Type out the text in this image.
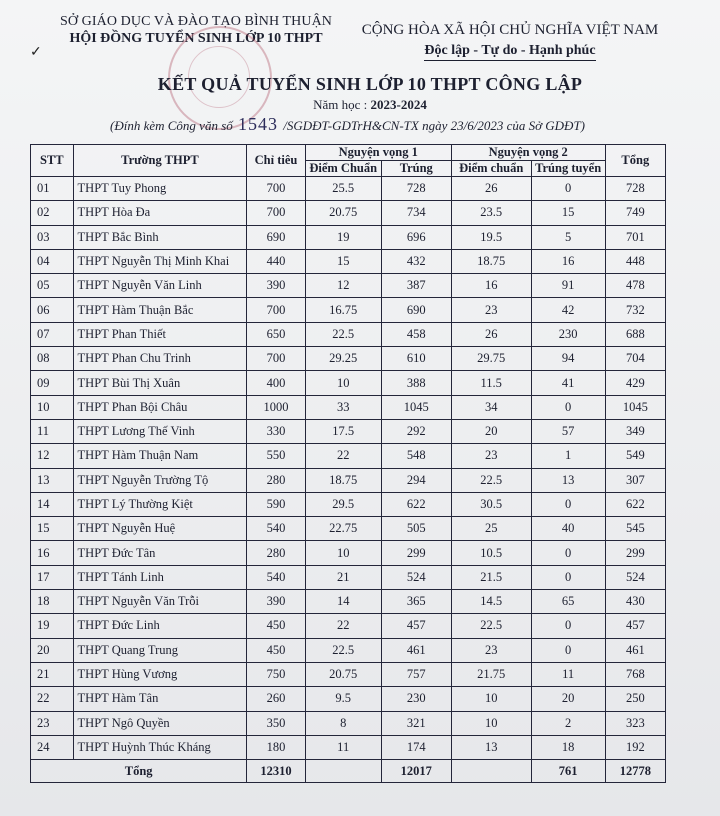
SỞ GIÁO DỤC VÀ ĐÀO TẠO BÌNH THUẬN
HỘI ĐỒNG TUYỂN SINH LỚP 10 THPT
✓
CỘNG HÒA XÃ HỘI CHỦ NGHĨA VIỆT NAM
Độc lập - Tự do - Hạnh phúc
KẾT QUẢ TUYỂN SINH LỚP 10 THPT CÔNG LẬP
Năm học : 2023-2024
(Đính kèm Công văn số 1543 /SGDĐT-GDTrH&CN-TX ngày 23/6/2023 của Sở GDĐT)
STT	Trường THPT	Chỉ tiêu	Nguyện vọng 1		Nguyện vọng 2		Tổng
			Điểm Chuẩn	Trúng	Điểm chuẩn	Trúng tuyển	
01	THPT Tuy Phong	700	25.5	728	26	0	728
02	THPT Hòa Đa	700	20.75	734	23.5	15	749
03	THPT Bắc Bình	690	19	696	19.5	5	701
04	THPT Nguyễn Thị Minh Khai	440	15	432	18.75	16	448
05	THPT Nguyễn Văn Linh	390	12	387	16	91	478
06	THPT Hàm Thuận Bắc	700	16.75	690	23	42	732
07	THPT Phan Thiết	650	22.5	458	26	230	688
08	THPT Phan Chu Trinh	700	29.25	610	29.75	94	704
09	THPT Bùi Thị Xuân	400	10	388	11.5	41	429
10	THPT Phan Bội Châu	1000	33	1045	34	0	1045
11	THPT Lương Thế Vinh	330	17.5	292	20	57	349
12	THPT Hàm Thuận Nam	550	22	548	23	1	549
13	THPT Nguyễn Trường Tộ	280	18.75	294	22.5	13	307
14	THPT Lý Thường Kiệt	590	29.5	622	30.5	0	622
15	THPT Nguyễn Huệ	540	22.75	505	25	40	545
16	THPT Đức Tân	280	10	299	10.5	0	299
17	THPT Tánh Linh	540	21	524	21.5	0	524
18	THPT Nguyễn Văn Trỗi	390	14	365	14.5	65	430
19	THPT Đức Linh	450	22	457	22.5	0	457
20	THPT Quang Trung	450	22.5	461	23	0	461
21	THPT Hùng Vương	750	20.75	757	21.75	11	768
22	THPT Hàm Tân	260	9.5	230	10	20	250
23	THPT Ngô Quyền	350	8	321	10	2	323
24	THPT Huỳnh Thúc Kháng	180	11	174	13	18	192
Tổng		12310		12017		761	12778
